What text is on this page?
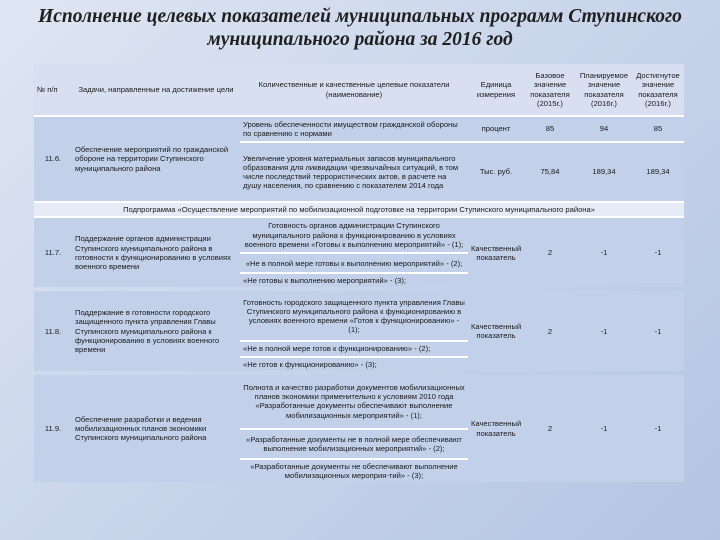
Исполнение целевых показателей муниципальных программ Ступинского
муниципального района за 2016 год
№ п/п	Задачи, направленные на достижение цели	Количественные и качественные целевые показатели (наименование)	Единица измерения	Базовое значение показателя (2015г.)	Планируемое значение показателя (2016г.)	Достигнутое значение показателя (2016г.)
11.6.	Обеспечение мероприятий по гражданской обороне на территории Ступинского муниципального района	Уровень обеспеченности имуществом гражданской обороны по сравнению с нормами	процент	85	94	85
		Увеличение уровня материальных запасов муниципального образования для ликвидации чрезвычайных ситуаций, в том числе последствий террористических актов, в расчете на душу населения, по сравнению с показателем 2014 года	Тыс. руб.	75,84	189,34	189,34
Подпрограмма «Осуществление мероприятий по мобилизационной подготовке на территории Ступинского муниципального района»						
11.7.	Поддержание органов администрации Ступинского муниципального района в готовности к функционированию в условиях военного времени	Готовность органов администрации Ступинского муниципального района к функционированию в условиях военного времени «Готовы к выполнению мероприятий» - (1);	Качественный показатель	2	-1	-1
		«Не в полной мере готовы к выполнению мероприятий» - (2);				
		«Не готовы к выполнению мероприятий» - (3);				

11.8.	Поддержание в готовности городского защищенного пункта управления Главы Ступинского муниципального района к функционированию в условиях военного времени	Готовность городского защищенного пункта управления Главы Ступинского муниципального района к функционированию в условиях военного времени «Готов к функционированию» - (1);	Качественный показатель	2	-1	-1
		«Не в полной мере готов к функционированию» - (2);				
		«Не готов к функционированию» - (3);				

11.9.	Обеспечение разработки и ведения мобилизационных планов экономики Ступинского муниципального района	Полнота и качество разработки документов мобилизационных планов экономики применительно к условиям 2010 года «Разработанные документы обеспечивают выполнение мобилизационных мероприятий» - (1);	Качественный показатель	2	-1	-1
		«Разработанные документы не в полной мере обеспечивают выполнение мобилизационных мероприятий» - (2);				
		«Разработанные документы не обеспечивают выполнение мобилизационных мероприя-тий» - (3);				
